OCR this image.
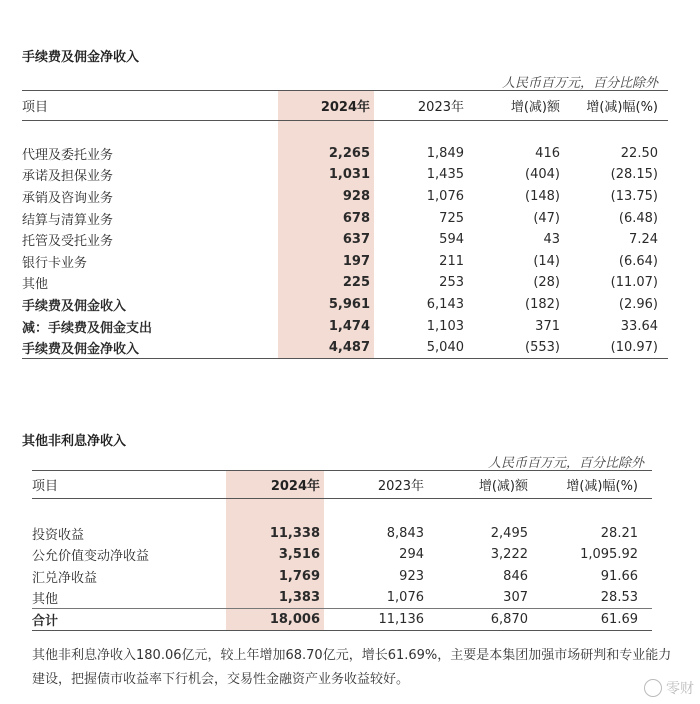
手续费及佣金净收入
人民币百万元，百分比除外
项目	2024年	2023年	增(减)额	增(减)幅(%)

代理及委托业务	2,265	1,849	416	22.50
承诺及担保业务	1,031	1,435	(404)	(28.15)
承销及咨询业务	928	1,076	(148)	(13.75)
结算与清算业务	678	725	(47)	(6.48)
托管及受托业务	637	594	43	7.24
银行卡业务	197	211	(14)	(6.64)
其他	225	253	(28)	(11.07)
手续费及佣金收入	5,961	6,143	(182)	(2.96)
减：手续费及佣金支出	1,474	1,103	371	33.64
手续费及佣金净收入	4,487	5,040	(553)	(10.97)
其他非利息净收入
人民币百万元，百分比除外
项目	2024年	2023年	增(减)额	增(减)幅(%)

投资收益	11,338	8,843	2,495	28.21
公允价值变动净收益	3,516	294	3,222	1,095.92
汇兑净收益	1,769	923	846	91.66
其他	1,383	1,076	307	28.53
合计	18,006	11,136	6,870	61.69
其他非利息净收入180.06亿元，较上年增加68.70亿元，增长61.69%，主要是本集团加强市场研判和专业能力建设，把握债市收益率下行机会，交易性金融资产业务收益较好。
零财
